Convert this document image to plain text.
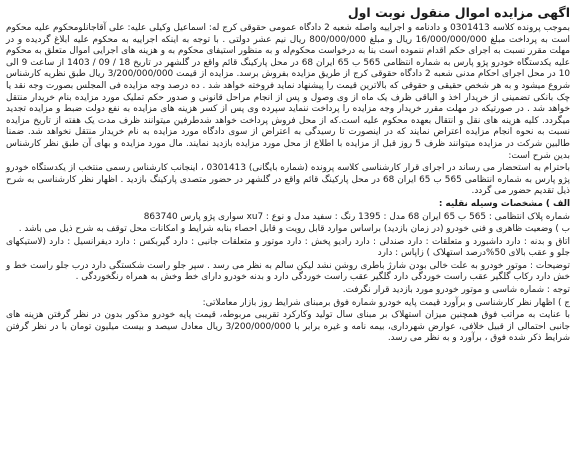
اگهی مزایده اموال منقول نوبت اول
بموجب پرونده کلاسه 0301413 و دادنامه و اجراییه واصله شعبه 2 دادگاه عمومی حقوقی کرج له: اسماعیل وکیلی علیه: علی آقاجانلومحکوم علیه محکوم است به پرداخت مبلغ 16/000/000/000 ریال و مبلغ 800/000/000 ریال نیم عشر دولتی . با توجه به اینکه اجراییه به محکوم علیه ابلاغ گردیده و در مهلت مقرر نسبت به اجرای حکم اقدام ننموده است بنا به درخواست محکوم‌له و به منظور استیفای محکوم به و هزینه های اجرایی اموال متعلق به محکوم علیه یکدستگاه خودرو پژو پارس به شماره انتظامی 565 ب 65 ایران 68 در محل پارکینگ قائم واقع در گلشهر در تاریخ 18 / 09 / 1403 از ساعت 9 الی 10 در محل اجرای احکام مدنی شعبه 2 دادگاه حقوقی کرج از طریق مزایده بفروش برسد. مزایده از قیمت 3/200/000/000 ریال طبق نظریه کارشناس شروع میشود و به هر شخص حقیقی و حقوقی که بالاترین قیمت را پیشنهاد نماید فروخته خواهد شد . ده درصد وجه مزایده فی المجلس بصورت وجه نقد یا چک بانکی تضمینی از خریدار اخذ و الباقی ظرف یک ماه از وی وصول و پس از انجام مراحل قانونی و صدور حکم تملیک مورد مزایده بنام خریدار منتقل خواهد شد . در صورتیکه در مهلت مقرر خریدار وجه مزایده را پرداخت ننماید سپرده وی پس از کسر هزینه های مزایده به نفع دولت ضبط و مزایده تجدید میگردد. کلیه هزینه های نقل و انتقال بعهده محکوم علیه است.که از محل فروش پرداخت خواهد شدطرفین میتوانند ظرف مدت یک هفته از تاریخ مزایده نسبت به نحوه انجام مزایده اعتراض نمایند که در اینصورت تا رسیدگی به اعتراض از سوی دادگاه مورد مزایده به نام خریدار منتقل نخواهد شد. ضمنا طالبین شرکت در مزایده میتوانند ظرف 5 روز قبل از مزایده با اطلاع از محل مورد مزایده بازدید نمایند. مال مورد مزایده و بهای آن طبق نظر کارشناس بدین شرح است:
باحترام به استحضار می رساند در اجرای قرار کارشناسی کلاسه پرونده (شماره بایگانی) 0301413 ، اینجانب کارشناس رسمی منتخب از یکدستگاه خودرو پژو پارس به شماره انتظامی 565 ب 65 ایران 68 در محل پارکینگ قائم واقع در گلشهر در حضور متصدی پارکینگ بازدید . اظهار نظر کارشناسی به شرح ذیل تقدیم حضور می گردد.
الف ) مشخصات وسیله نقلیه :
شماره پلاک انتظامی : 565 ب 65 ایران 68 مدل : 1395 رنگ : سفید مدل و نوع : xu7 سواری پژو پارس 863740
ب ) وضعیت ظاهری و فنی خودرو (در زمان بازدید) براساس موارد قابل رویت و قابل احصاء بنابه شرایط و امکانات محل توقف به شرح ذیل می باشد .
اتاق و بدنه : دارد داشبورد و متعلقات : دارد صندلی : دارد رادیو پخش : دارد موتور و متعلقات جانبی : دارد گیربکس : دارد دیفرانسیل : دارد (لاستیکهای جلو و عقب بالای 50%درصد استهلاک ) زاپاس : دارد
توضیحات : موتور خودرو به علت خالی بودن شارژ باطری روشن نشد لیکن سالم به نظر می رسد . سپر جلو راست شکستگی دارد درب جلو راست خط و خش دارد رکاب گلگیر عقب راست خوردگی دارد گلگیر عقب راست خوردگی دارد و بدنه خودرو دارای خط وخش به همراه رنگخوردگی .
توجه : شماره شاسی و موتور خودرو مورد بازدید قرار نگرفت.
ج ) اظهار نظر کارشناسی و برآورد قیمت پایه خودرو شماره فوق برمبنای شرایط روز بازار معاملاتی:
با عنایت به مراتب فوق همچنین میزان استهلاک بر مبنای سال تولید وکارکرد تقریبی مربوطه، قیمت پایه خودرو مذکور بدون در نظر گرفتن هزینه های جانبی احتمالی از قبیل خلافی، عوارض شهرداری، بیمه نامه و غیره برابر با 3/200/000/000 ریال معادل سیصد و بیست میلیون تومان با در نظر گرفتن شرایط ذکر شده فوق ، برآورد و به نظر می رسد.
